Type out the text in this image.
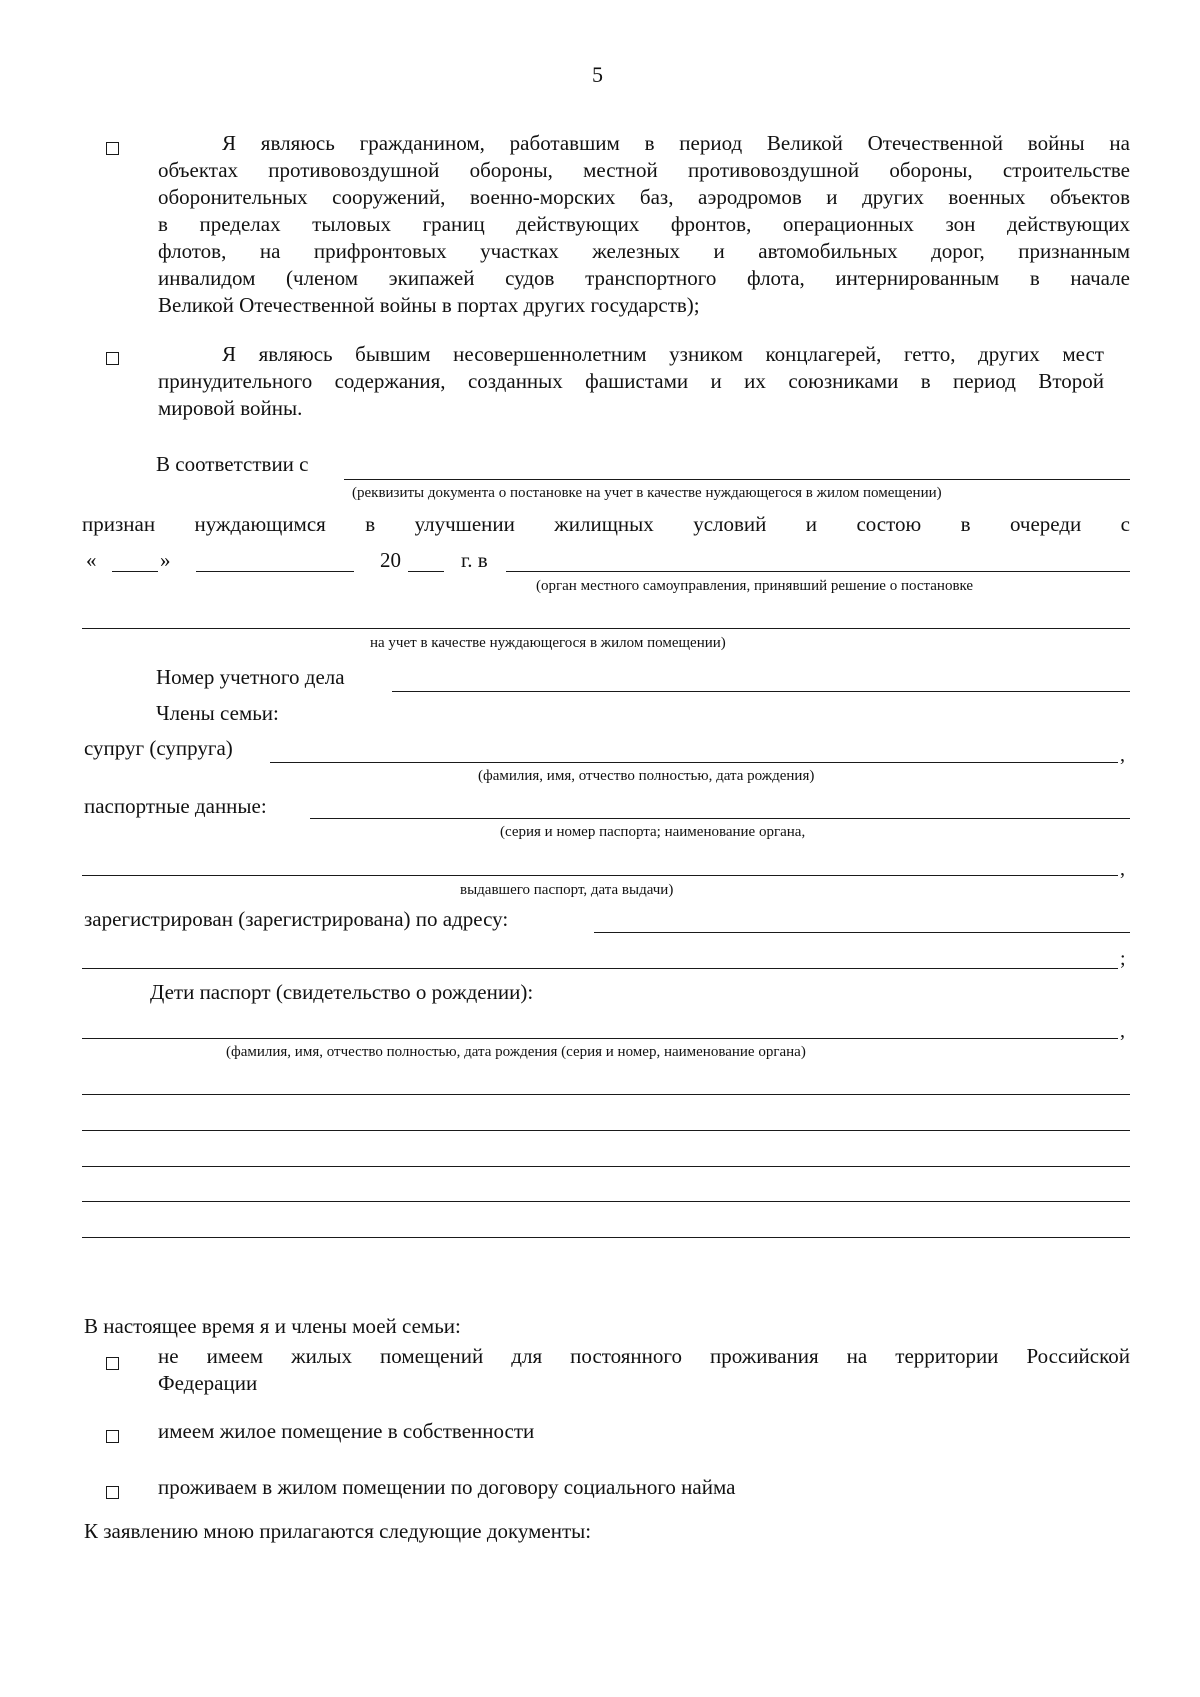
5
Я являюсь гражданином, работавшим в период Великой Отечественной войны на
объектах противовоздушной обороны, местной противовоздушной обороны, строительстве
оборонительных сооружений, военно-морских баз, аэродромов и других военных объектов
в пределах тыловых границ действующих фронтов, операционных зон действующих
флотов, на прифронтовых участках железных и автомобильных дорог, признанным
инвалидом (членом экипажей судов транспортного флота, интернированным в начале
Великой Отечественной войны в портах других государств);
Я являюсь бывшим несовершеннолетним узником концлагерей, гетто, других мест
принудительного содержания, созданных фашистами и их союзниками в период Второй
мировой войны.
В соответствии с
(реквизиты документа о постановке на учет в качестве нуждающегося в жилом помещении)
признан нуждающимся в улучшении жилищных условий и состою в очереди с
«	»	20	г. в
(орган местного самоуправления, принявший решение о постановке
на учет в качестве нуждающегося в жилом помещении)
Номер учетного дела
Члены семьи:
супруг (супруга)	,
(фамилия, имя, отчество полностью, дата рождения)
паспортные данные:
(серия и номер паспорта; наименование органа,
,
выдавшего паспорт, дата выдачи)
зарегистрирован (зарегистрирована) по адресу:
;
Дети паспорт (свидетельство о рождении):
,
(фамилия, имя, отчество полностью, дата рождения (серия и номер, наименование органа)
В настоящее время я и члены моей семьи:
не имеем жилых помещений для постоянного проживания на территории Российской
Федерации
имеем жилое помещение в собственности
проживаем в жилом помещении по договору социального найма
К заявлению мною прилагаются следующие документы:
